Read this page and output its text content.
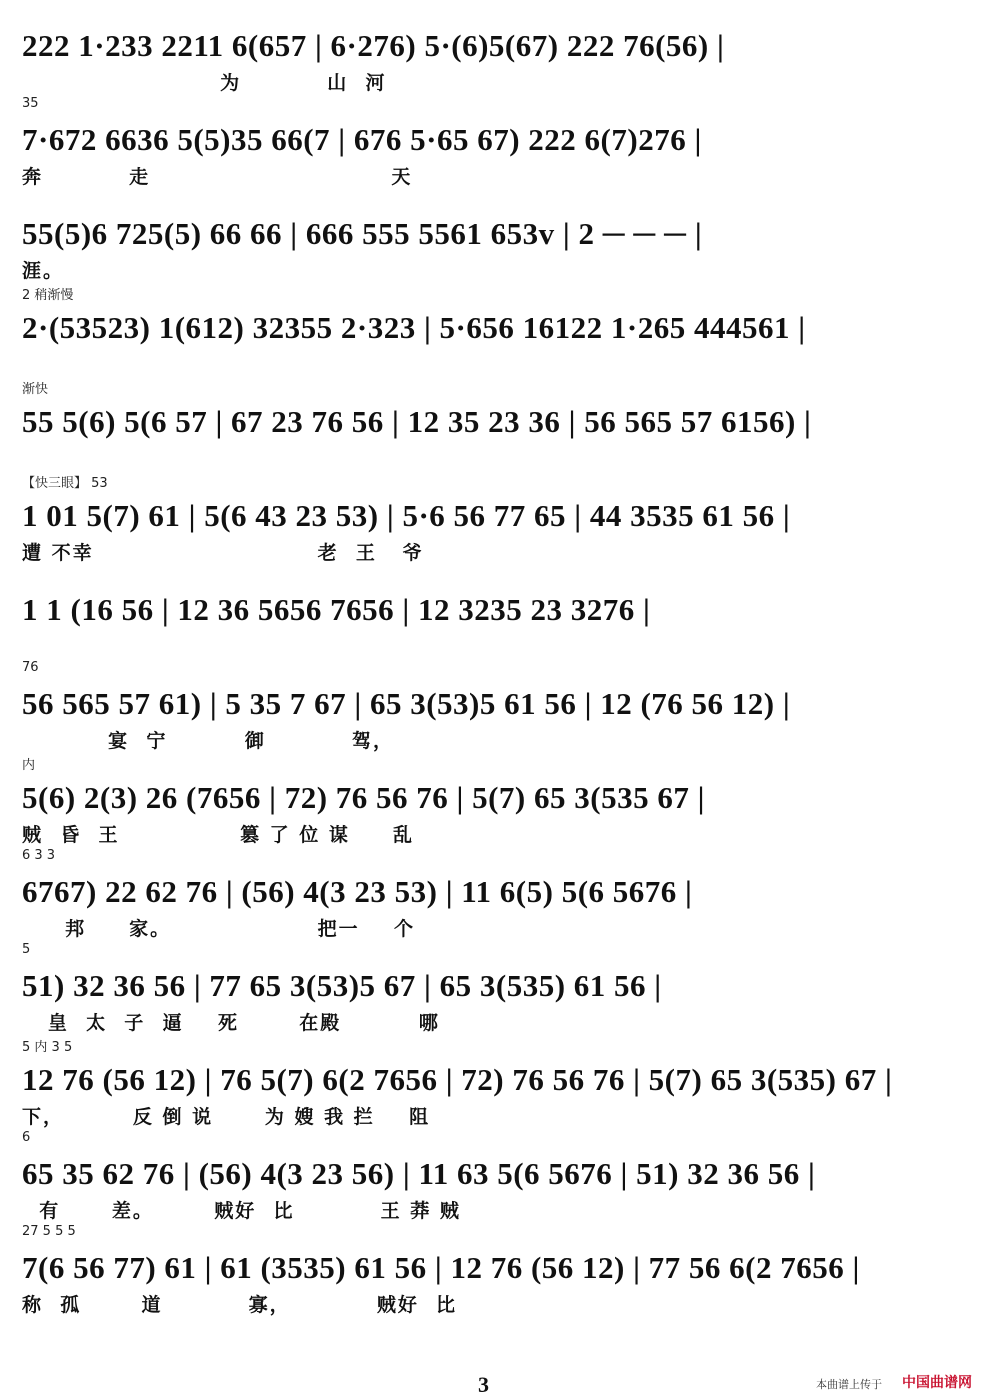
222 1·233 2211 6(657 | 6·276) 5·(6)5(67) 222 76(56) |
为          山  河
35
7·672 6636 5(5)35 66(7 | 676 5·65 67) 222 6(7)276 |
奔          走                            天
55(5)6 725(5) 66 66 | 666 555 5561 653v | 2 ─ ─ ─ |
涯。
2 稍渐慢
2·(53523) 1(612) 32355 2·323 | 5·656 16122 1·265 444561 |
渐快
55 5(6) 5(6 57 | 67 23 76 56 | 12 35 23 36 | 56 565 57 6156) |
【快三眼】 53
1 01 5(7) 61 | 5(6 43 23 53) | 5·6 56 77 65 | 44 3535 61 56 |
遭 不幸                          老  王   爷
1 1 (16 56 | 12 36 5656 7656 | 12 3235 23 3276 |
76
56 565 57 61) | 5 35 7 67 | 65 3(53)5 61 56 | 12 (76 56 12) |
宴  宁         御          驾，
内
5(6) 2(3) 26 (7656 | 72) 76 56 76 | 5(7) 65 3(535 67 |
贼  昏  王              篡 了 位 谋     乱
6 3 3
6767) 22 62 76 | (56) 4(3 23 53) | 11 6(5) 5(6 5676 |
邦     家。                 把一    个
5
51) 32 36 56 | 77 65 3(53)5 67 | 65 3(535) 61 56 |
皇  太  子  逼    死       在殿         哪
5 内 3 5
12 76 (56 12) | 76 5(7) 6(2 7656 | 72) 76 56 76 | 5(7) 65 3(535) 67 |
下，        反 倒 说      为 嫂 我 拦    阻
6
65 35 62 76 | (56) 4(3 23 56) | 11 63 5(6 5676 | 51) 32 36 56 |
有      差。       贼好  比          王 莽 贼
27 5 5 5
7(6 56 77) 61 | 61 (3535) 61 56 | 12 76 (56 12) | 77 56 6(2 7656 |
称  孤       道          寡，          贼好  比
3	本曲谱上传于 中国曲谱网
